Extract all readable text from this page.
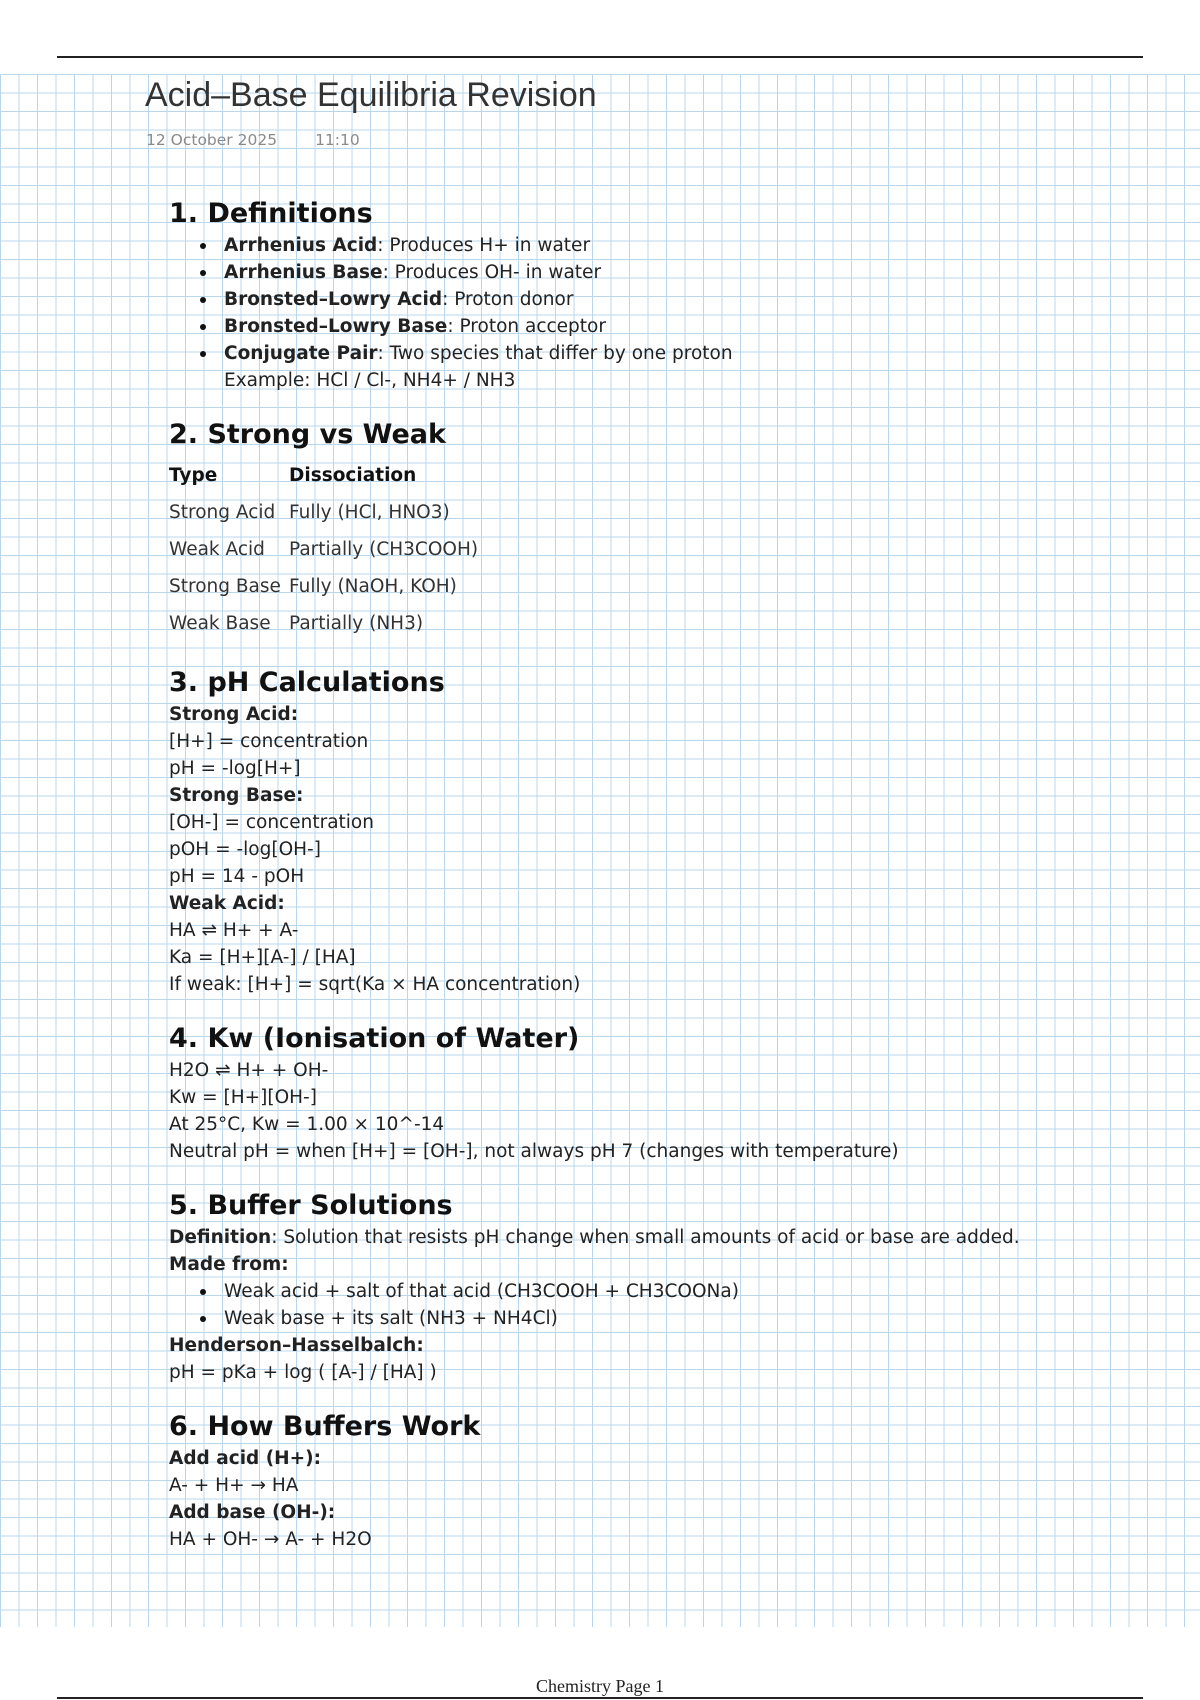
Acid–Base Equilibria Revision
12 October 2025 11:10
1. Definitions
Arrhenius Acid: Produces H+ in water
Arrhenius Base: Produces OH- in water
Bronsted–Lowry Acid: Proton donor
Bronsted–Lowry Base: Proton acceptor
Conjugate Pair: Two species that differ by one proton
Example: HCl / Cl-, NH4+ / NH3
2. Strong vs Weak
Type	Dissociation
Strong Acid	Fully (HCl, HNO3)
Weak Acid	Partially (CH3COOH)
Strong Base	Fully (NaOH, KOH)
Weak Base	Partially (NH3)
3. pH Calculations
Strong Acid:
[H+] = concentration
pH = -log[H+]
Strong Base:
[OH-] = concentration
pOH = -log[OH-]
pH = 14 - pOH
Weak Acid:
HA ⇌ H+ + A-
Ka = [H+][A-] / [HA]
If weak: [H+] = sqrt(Ka × HA concentration)
4. Kw (Ionisation of Water)
H2O ⇌ H+ + OH-
Kw = [H+][OH-]
At 25°C, Kw = 1.00 × 10^-14
Neutral pH = when [H+] = [OH-], not always pH 7 (changes with temperature)
5. Buffer Solutions
Definition: Solution that resists pH change when small amounts of acid or base are added.
Made from:
Weak acid + salt of that acid (CH3COOH + CH3COONa)
Weak base + its salt (NH3 + NH4Cl)
Henderson–Hasselbalch:
pH = pKa + log ( [A-] / [HA] )
6. How Buffers Work
Add acid (H+):
A- + H+ → HA
Add base (OH-):
HA + OH- → A- + H2O
Chemistry Page 1
